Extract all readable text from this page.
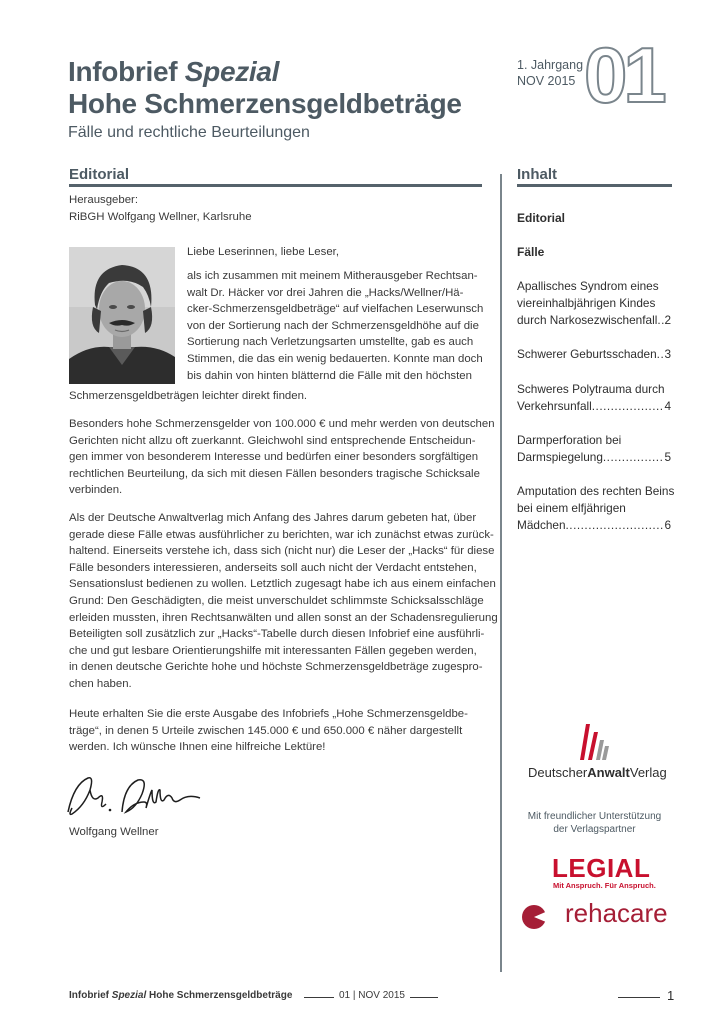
Infobrief Spezial
Hohe Schmerzensgeldbeträge
Fälle und rechtliche Beurteilungen
1. Jahrgang
NOV 2015 01
Editorial
Herausgeber:
RiBGH Wolfgang Wellner, Karlsruhe
Liebe Leserinnen, liebe Leser,
als ich zusammen mit meinem Mitherausgeber Rechtsan-
walt Dr. Häcker vor drei Jahren die „Hacks/Wellner/Hä-
cker-Schmerzensgeldbeträge“ auf vielfachen Leserwunsch
von der Sortierung nach der Schmerzensgeldhöhe auf die
Sortierung nach Verletzungsarten umstellte, gab es auch
Stimmen, die das ein wenig bedauerten. Konnte man doch
bis dahin von hinten blätternd die Fälle mit den höchsten
Schmerzensgeldbeträgen leichter direkt finden.
Besonders hohe Schmerzensgelder von 100.000 € und mehr werden von deutschen
Gerichten nicht allzu oft zuerkannt. Gleichwohl sind entsprechende Entscheidun-
gen immer von besonderem Interesse und bedürfen einer besonders sorgfältigen
rechtlichen Beurteilung, da sich mit diesen Fällen besonders tragische Schicksale
verbinden.
Als der Deutsche Anwaltverlag mich Anfang des Jahres darum gebeten hat, über
gerade diese Fälle etwas ausführlicher zu berichten, war ich zunächst etwas zurück-
haltend. Einerseits verstehe ich, dass sich (nicht nur) die Leser der „Hacks“ für diese
Fälle besonders interessieren, anderseits soll auch nicht der Verdacht entstehen,
Sensationslust bedienen zu wollen. Letztlich zugesagt habe ich aus einem einfachen
Grund: Den Geschädigten, die meist unverschuldet schlimmste Schicksalsschläge
erleiden mussten, ihren Rechtsanwälten und allen sonst an der Schadensregulierung
Beteiligten soll zusätzlich zur „Hacks“-Tabelle durch diesen Infobrief eine ausführli-
che und gut lesbare Orientierungshilfe mit interessanten Fällen gegeben werden,
in denen deutsche Gerichte hohe und höchste Schmerzensgeldbeträge zugespro-
chen haben.
Heute erhalten Sie die erste Ausgabe des Infobriefs „Hohe Schmerzensgeldbe-
träge“, in denen 5 Urteile zwischen 145.000 € und 650.000 € näher dargestellt
werden. Ich wünsche Ihnen eine hilfreiche Lektüre!
Wolfgang Wellner
Inhalt
Editorial
Fälle
Apallisches Syndrom eines
viereinhalbjährigen Kindes
durch Narkosezwischenfall ..... 2
Schwerer Geburtsschaden ..... 3
Schweres Polytrauma durch
Verkehrsunfall .....	4
Darmperforation bei
Darmspiegelung .....	5
Amputation des rechten Beins
bei einem elfjährigen
Mädchen .....	6
DeutscherAnwaltVerlag
Mit freundlicher Unterstützung
der Verlagspartner
LEGIAL
Mit Anspruch. Für Anspruch.
rehacare
Infobrief Spezial Hohe Schmerzensgeldbeträge	01 | NOV 2015	1
